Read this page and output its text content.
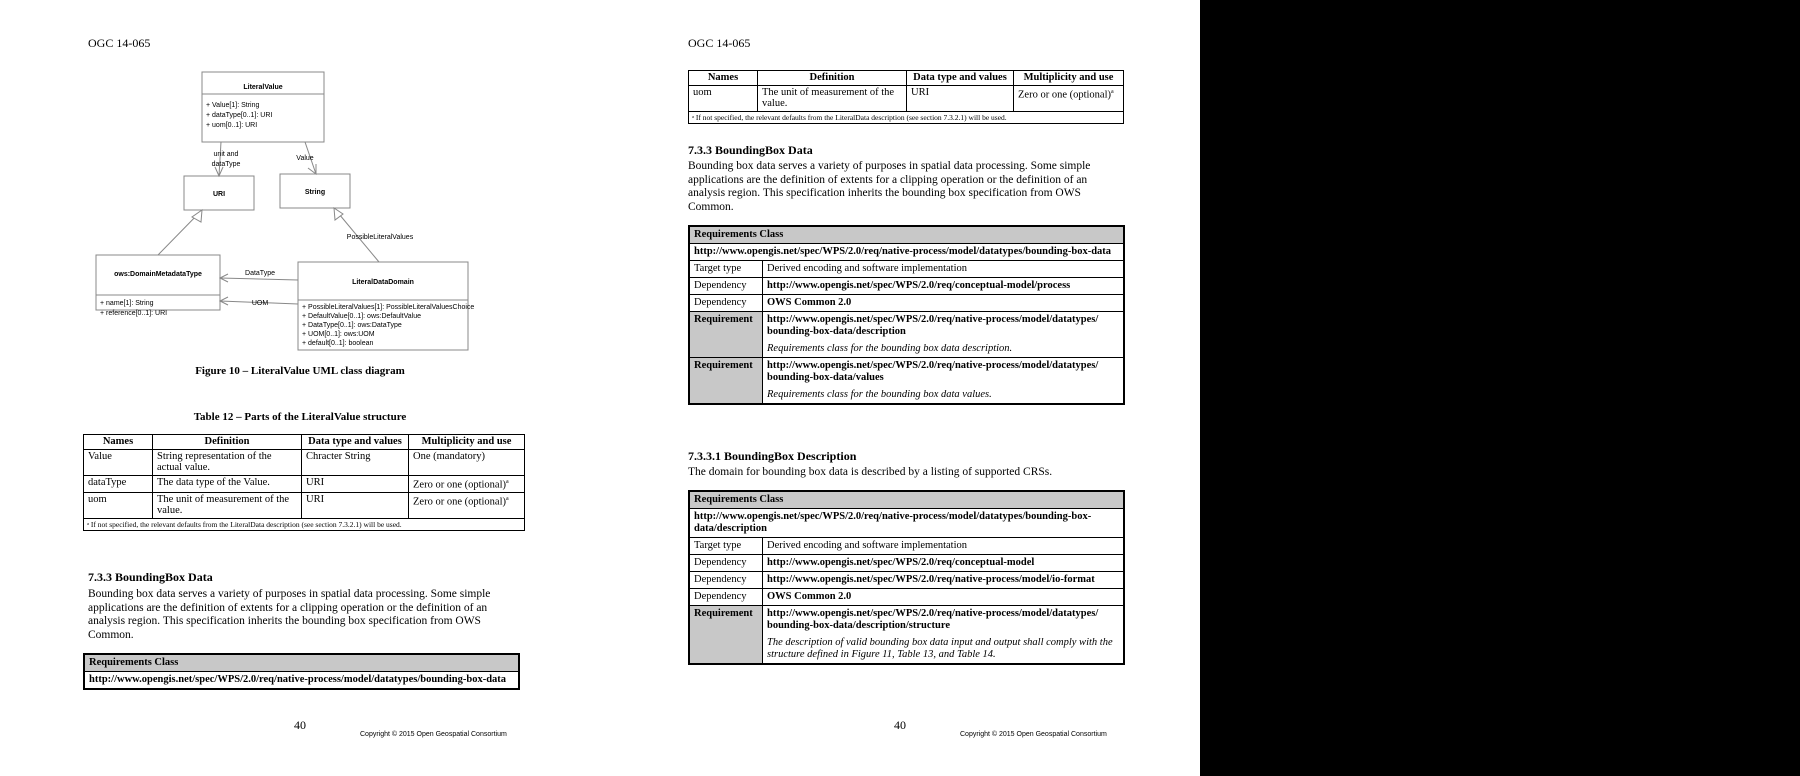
OGC 14-065
LiteralValue
+ Value[1]: String
+ dataType[0..1]: URI
+ uom[0..1]: URI
URI	String
ows:DomainMetadataType
+ name[1]: String
+ reference[0..1]: URI
LiteralDataDomain
+ PossibleLiteralValues[1]: PossibleLiteralValuesChoice
+ DefaultValue[0..1]: ows:DefaultValue
+ DataType[0..1]: ows:DataType
+ UOM[0..1]: ows:UOM
+ default[0..1]: boolean
unit and
dataType
Value
PossibleLiteralValues
DataType
UOM
Figure 10 – LiteralValue UML class diagram
Table 12 – Parts of the LiteralValue structure
Names	Definition	Data type and values	Multiplicity and use
Value	String representation of the actual value.	Chracter String	One (mandatory)
dataType	The data type of the Value.	URI	Zero or one (optional)$^a$
uom	The unit of measurement of the value.	URI	Zero or one (optional)$^a$
ᵃ If not specified, the relevant defaults from the LiteralData description (see section 7.3.2.1) will be used.			
7.3.3 BoundingBox Data
Bounding box data serves a variety of purposes in spatial data processing. Some simple applications are the definition of extents for a clipping operation or the definition of an analysis region. This specification inherits the bounding box specification from OWS Common.
Requirements Class
http://www.opengis.net/spec/WPS/2.0/req/native-process/model/datatypes/bounding-box-data
40
Copyright © 2015 Open Geospatial Consortium
OGC 14-065
Names	Definition	Data type and values	Multiplicity and use
uom	The unit of measurement of the value.	URI	Zero or one (optional)$^a$
ᵃ If not specified, the relevant defaults from the LiteralData description (see section 7.3.2.1) will be used.			
7.3.3 BoundingBox Data
Bounding box data serves a variety of purposes in spatial data processing. Some simple applications are the definition of extents for a clipping operation or the definition of an analysis region. This specification inherits the bounding box specification from OWS Common.
Requirements Class	
http://www.opengis.net/spec/WPS/2.0/req/native-process/model/datatypes/bounding-box-data	
Target type	Derived encoding and software implementation
Dependency	http://www.opengis.net/spec/WPS/2.0/req/conceptual-model/process
Dependency	OWS Common 2.0
Requirement	http://www.opengis.net/spec/WPS/2.0/req/native-process/model/datatypes/ bounding-box-data/description
Requirements class for the bounding box data description.

Requirement	http://www.opengis.net/spec/WPS/2.0/req/native-process/model/datatypes/ bounding-box-data/values
Requirements class for the bounding box data values.
7.3.3.1 BoundingBox Description
The domain for bounding box data is described by a listing of supported CRSs.
Requirements Class	
http://www.opengis.net/spec/WPS/2.0/req/native-process/model/datatypes/bounding-box-data/description	
Target type	Derived encoding and software implementation
Dependency	http://www.opengis.net/spec/WPS/2.0/req/conceptual-model
Dependency	http://www.opengis.net/spec/WPS/2.0/req/native-process/model/io-format
Dependency	OWS Common 2.0
Requirement	http://www.opengis.net/spec/WPS/2.0/req/native-process/model/datatypes/ bounding-box-data/description/structure
The description of valid bounding box data input and output shall comply with the structure defined in Figure 11, Table 13, and Table 14.
40
Copyright © 2015 Open Geospatial Consortium
LiteralValue
+ Value[1]: String
+ dataType[0..1]: URI
+ uom[0..1]: URI
URI	String
ows:DomainMetadataType
+ name[1]: String
+ reference[0..1]: URI
LiteralDataDomain
+ PossibleLiteralValues[1]: PossibleLiteralValuesChoice
+ DefaultValue[0..1]: ows:DefaultValue
+ DataType[0..1]: ows:DataType
+ UOM[0..1]: ows:UOM
+ default[0..1]: boolean
unit and
dataType
Value
PossibleLiteralValues
DataType
UOM
